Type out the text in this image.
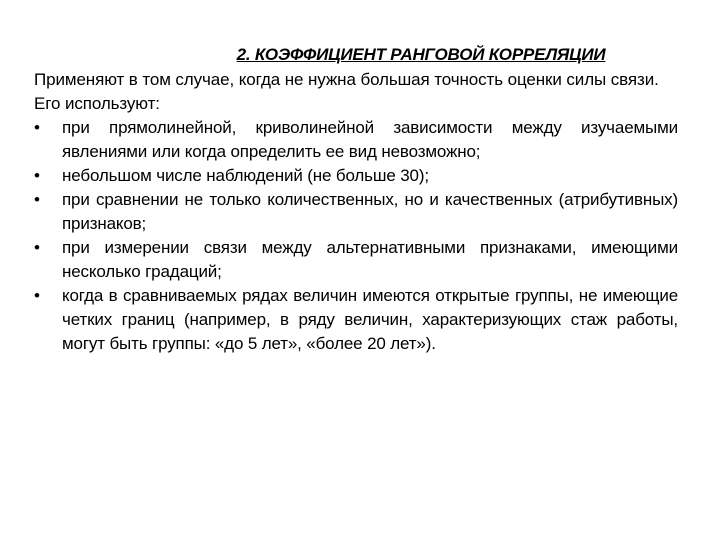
2. КОЭФФИЦИЕНТ РАНГОВОЙ КОРРЕЛЯЦИИ

Применяют в том случае, когда не нужна большая точность оценки силы связи.

Его используют:

• при прямолинейной, криволинейной зависимости между изучаемыми явлениями или когда определить ее вид невозможно;
• небольшом числе наблюдений (не больше 30);
• при сравнении не только количественных, но и качественных (атрибутивных) признаков;
• при измерении связи между альтернативными признаками, имеющими несколько градаций;
• когда в сравниваемых рядах величин имеются открытые группы, не имеющие четких границ (например, в ряду величин, характеризующих стаж работы, могут быть группы: «до 5 лет», «более 20 лет»).
